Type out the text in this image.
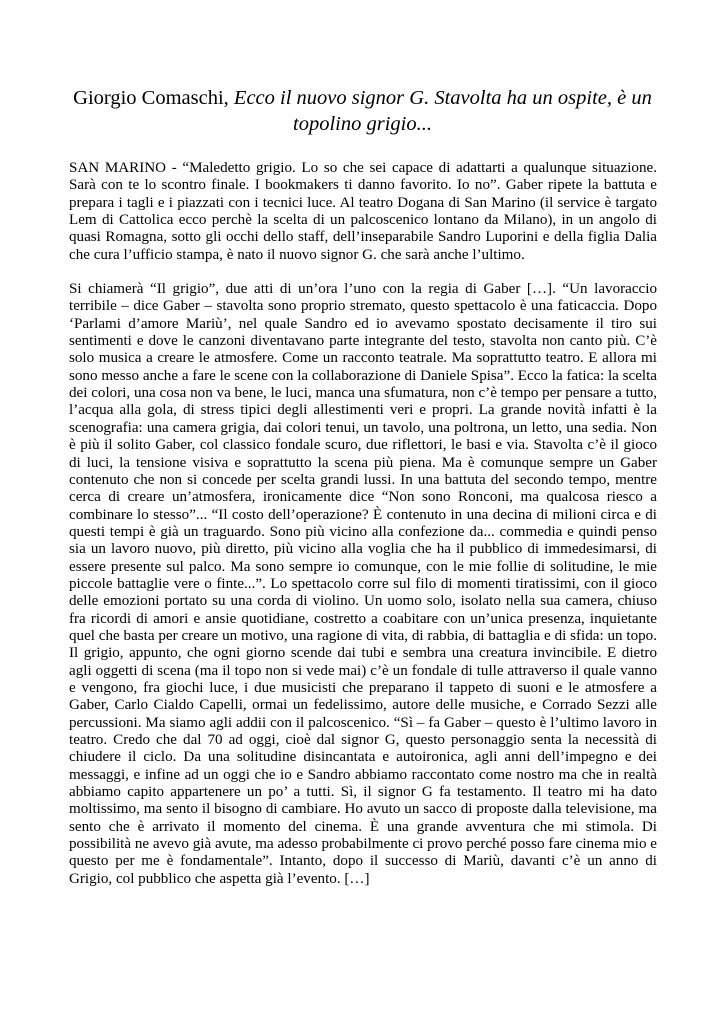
Giorgio Comaschi, Ecco il nuovo signor G. Stavolta ha un ospite, è un topolino grigio...

SAN MARINO - “Maledetto grigio. Lo so che sei capace di adattarti a qualunque situazione. Sarà con te lo scontro finale. I bookmakers ti danno favorito. Io no”. Gaber ripete la battuta e prepara i tagli e i piazzati con i tecnici luce. Al teatro Dogana di San Marino (il service è targato Lem di Cattolica ecco perchè la scelta di un palcoscenico lontano da Milano), in un angolo di quasi Romagna, sotto gli occhi dello staff, dell’inseparabile Sandro Luporini e della figlia Dalia che cura l’ufficio stampa, è nato il nuovo signor G. che sarà anche l’ultimo.

Si chiamerà “Il grigio”, due atti di un’ora l’uno con la regia di Gaber […]. “Un lavoraccio terribile – dice Gaber – stavolta sono proprio stremato, questo spettacolo è una faticaccia. Dopo ‘Parlami d’amore Mariù’, nel quale Sandro ed io avevamo spostato decisamente il tiro sui sentimenti e dove le canzoni diventavano parte integrante del testo, stavolta non canto più. C’è solo musica a creare le atmosfere. Come un racconto teatrale. Ma soprattutto teatro. E allora mi sono messo anche a fare le scene con la collaborazione di Daniele Spisa”. Ecco la fatica: la scelta dei colori, una cosa non va bene, le luci, manca una sfumatura, non c’è tempo per pensare a tutto, l’acqua alla gola, di stress tipici degli allestimenti veri e propri. La grande novità infatti è la scenografia: una camera grigia, dai colori tenui, un tavolo, una poltrona, un letto, una sedia. Non è più il solito Gaber, col classico fondale scuro, due riflettori, le basi e via. Stavolta c’è il gioco di luci, la tensione visiva e soprattutto la scena più piena. Ma è comunque sempre un Gaber contenuto che non si concede per scelta grandi lussi. In una battuta del secondo tempo, mentre cerca di creare un’atmosfera, ironicamente dice “Non sono Ronconi, ma qualcosa riesco a combinare lo stesso”... “Il costo dell’operazione? È contenuto in una decina di milioni circa e di questi tempi è già un traguardo. Sono più vicino alla confezione da... commedia e quindi penso sia un lavoro nuovo, più diretto, più vicino alla voglia che ha il pubblico di immedesimarsi, di essere presente sul palco. Ma sono sempre io comunque, con le mie follie di solitudine, le mie piccole battaglie vere o finte...”. Lo spettacolo corre sul filo di momenti tiratissimi, con il gioco delle emozioni portato su una corda di violino. Un uomo solo, isolato nella sua camera, chiuso fra ricordi di amori e ansie quotidiane, costretto a coabitare con un’unica presenza, inquietante quel che basta per creare un motivo, una ragione di vita, di rabbia, di battaglia e di sfida: un topo. Il grigio, appunto, che ogni giorno scende dai tubi e sembra una creatura invincibile. E dietro agli oggetti di scena (ma il topo non si vede mai) c’è un fondale di tulle attraverso il quale vanno e vengono, fra giochi luce, i due musicisti che preparano il tappeto di suoni e le atmosfere a Gaber, Carlo Cialdo Capelli, ormai un fedelissimo, autore delle musiche, e Corrado Sezzi alle percussioni. Ma siamo agli addii con il palcoscenico. “Sì – fa Gaber – questo è l’ultimo lavoro in teatro. Credo che dal 70 ad oggi, cioè dal signor G, questo personaggio senta la necessità di chiudere il ciclo. Da una solitudine disincantata e autoironica, agli anni dell’impegno e dei messaggi, e infine ad un oggi che io e Sandro abbiamo raccontato come nostro ma che in realtà abbiamo capito appartenere un po’ a tutti. Sì, il signor G fa testamento. Il teatro mi ha dato moltissimo, ma sento il bisogno di cambiare. Ho avuto un sacco di proposte dalla televisione, ma sento che è arrivato il momento del cinema. È una grande avventura che mi stimola. Di possibilità ne avevo già avute, ma adesso probabilmente ci provo perché posso fare cinema mio e questo per me è fondamentale”. Intanto, dopo il successo di Mariù, davanti c’è un anno di Grigio, col pubblico che aspetta già l’evento. […]
